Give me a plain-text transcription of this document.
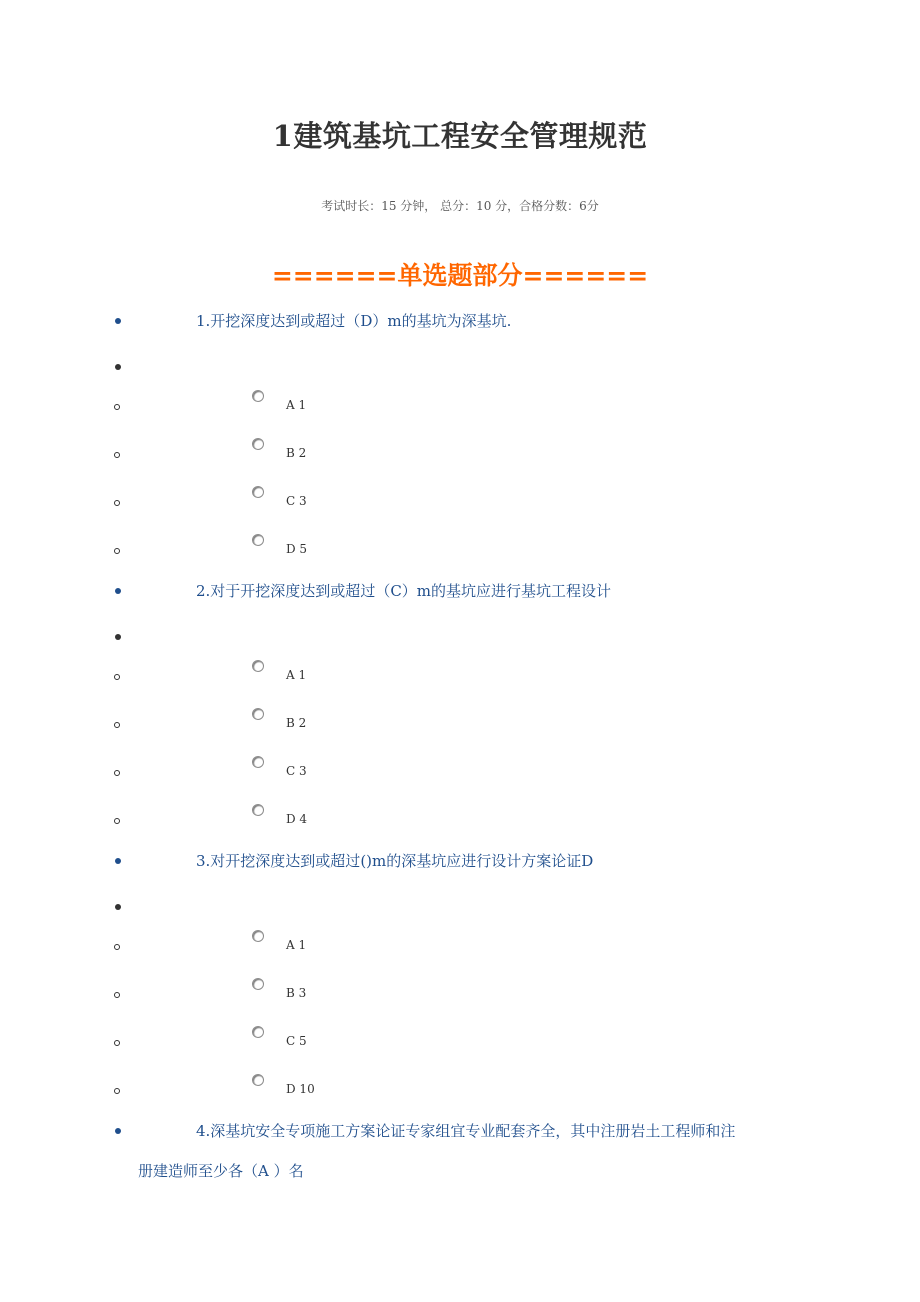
1建筑基坑工程安全管理规范
考试时长：15 分钟， 总分：10 分，合格分数：6分
======单选题部分======
1.开挖深度达到或超过（D）m的基坑为深基坑.
A 1
B 2
C 3
D 5
2.对于开挖深度达到或超过（C）m的基坑应进行基坑工程设计
A 1
B 2
C 3
D 4
3.对开挖深度达到或超过()m的深基坑应进行设计方案论证D
A 1
B 3
C 5
D 10
4.深基坑安全专项施工方案论证专家组宜专业配套齐全，其中注册岩土工程师和注
册建造师至少各（A ）名
